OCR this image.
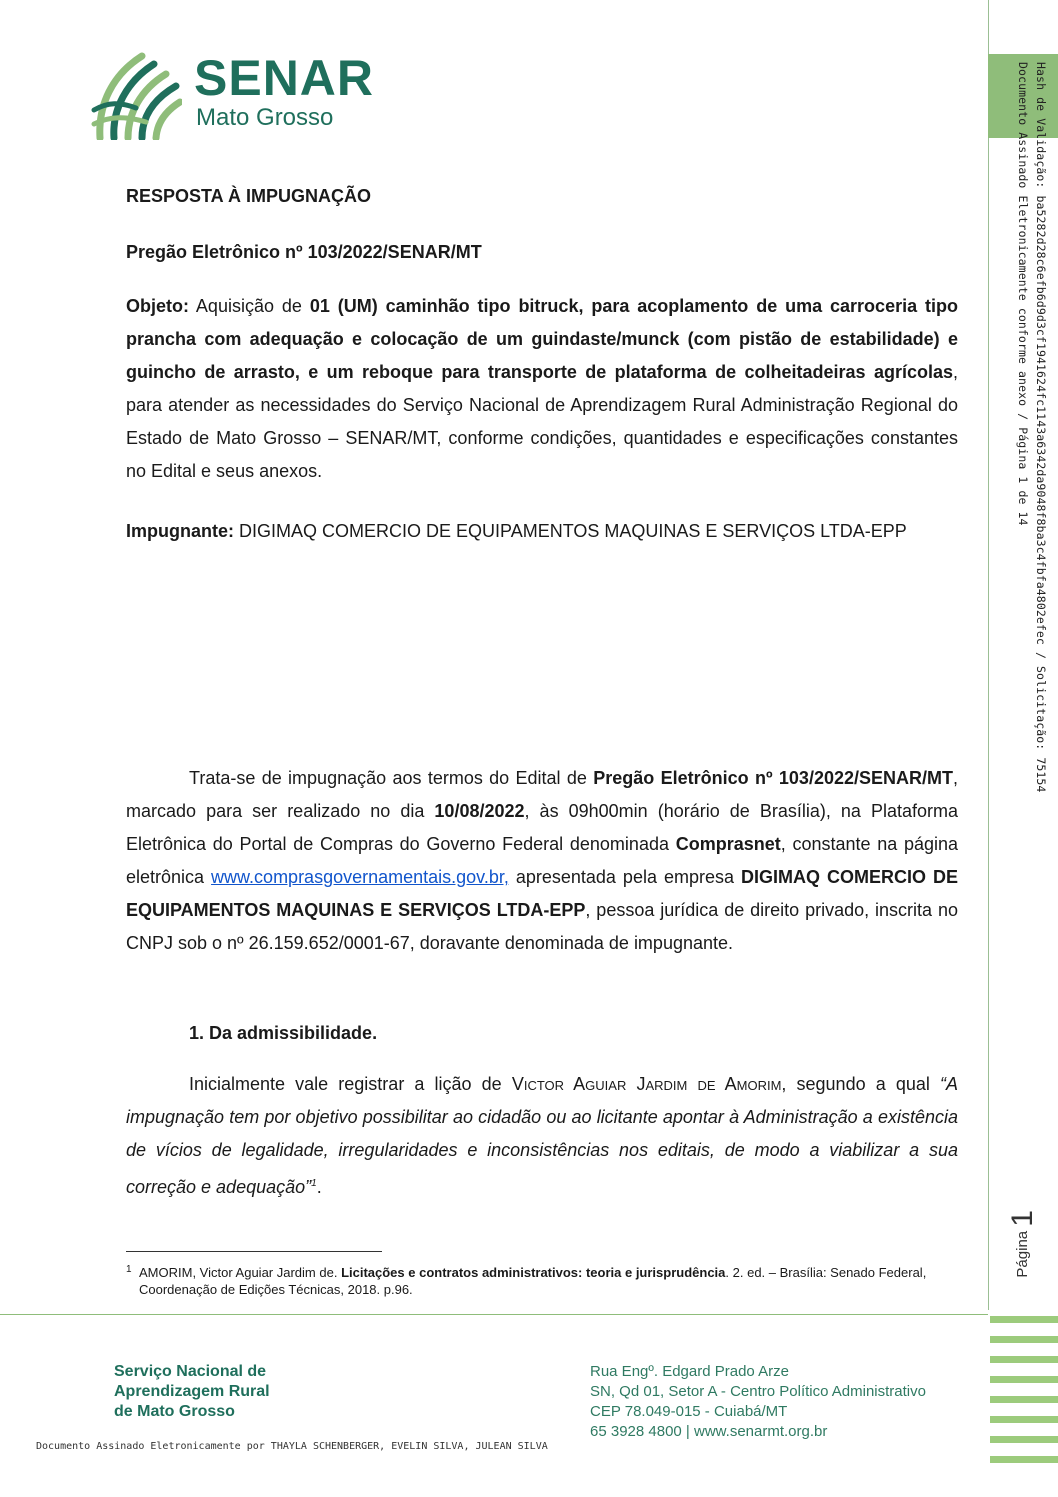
SENAR
Mato Grosso
RESPOSTA À IMPUGNAÇÃO
Pregão Eletrônico nº 103/2022/SENAR/MT
Objeto: Aquisição de 01 (UM) caminhão tipo bitruck, para acoplamento de uma carroceria tipo prancha com adequação e colocação de um guindaste/munck (com pistão de estabilidade) e guincho de arrasto, e um reboque para transporte de plataforma de colheitadeiras agrícolas, para atender as necessidades do Serviço Nacional de Aprendizagem Rural Administração Regional do Estado de Mato Grosso – SENAR/MT, conforme condições, quantidades e especificações constantes no Edital e seus anexos.
Impugnante: DIGIMAQ COMERCIO DE EQUIPAMENTOS MAQUINAS E SERVIÇOS LTDA-EPP
Trata-se de impugnação aos termos do Edital de Pregão Eletrônico nº 103/2022/SENAR/MT, marcado para ser realizado no dia 10/08/2022, às 09h00min (horário de Brasília), na Plataforma Eletrônica do Portal de Compras do Governo Federal denominada Comprasnet, constante na página eletrônica www.comprasgovernamentais.gov.br, apresentada pela empresa DIGIMAQ COMERCIO DE EQUIPAMENTOS MAQUINAS E SERVIÇOS LTDA-EPP, pessoa jurídica de direito privado, inscrita no CNPJ sob o nº 26.159.652/0001-67, doravante denominada de impugnante.
1. Da admissibilidade.
Inicialmente vale registrar a lição de Victor Aguiar Jardim de Amorim, segundo a qual “A impugnação tem por objetivo possibilitar ao cidadão ou ao licitante apontar à Administração a existência de vícios de legalidade, irregularidades e inconsistências nos editais, de modo a viabilizar a sua correção e adequação”$^1$.
1 AMORIM, Victor Aguiar Jardim de. Licitações e contratos administrativos: teoria e jurisprudência. 2. ed. – Brasília: Senado Federal, Coordenação de Edições Técnicas, 2018. p.96.
Hash de Validação: ba5282d28c6efb6d9d3cf1941624fc1143a6342da9048f8ba3c4fbfa4802efec / Solicitação: 75154
Documento Assinado Eletronicamente conforme anexo / Página 1 de 14
Página 1
Serviço Nacional de
Aprendizagem Rural
de Mato Grosso
Rua Engº. Edgard Prado Arze
SN, Qd 01, Setor A - Centro Político Administrativo
CEP 78.049-015 - Cuiabá/MT
65 3928 4800 | www.senarmt.org.br
Documento Assinado Eletronicamente por THAYLA SCHENBERGER, EVELIN SILVA, JULEAN SILVA
